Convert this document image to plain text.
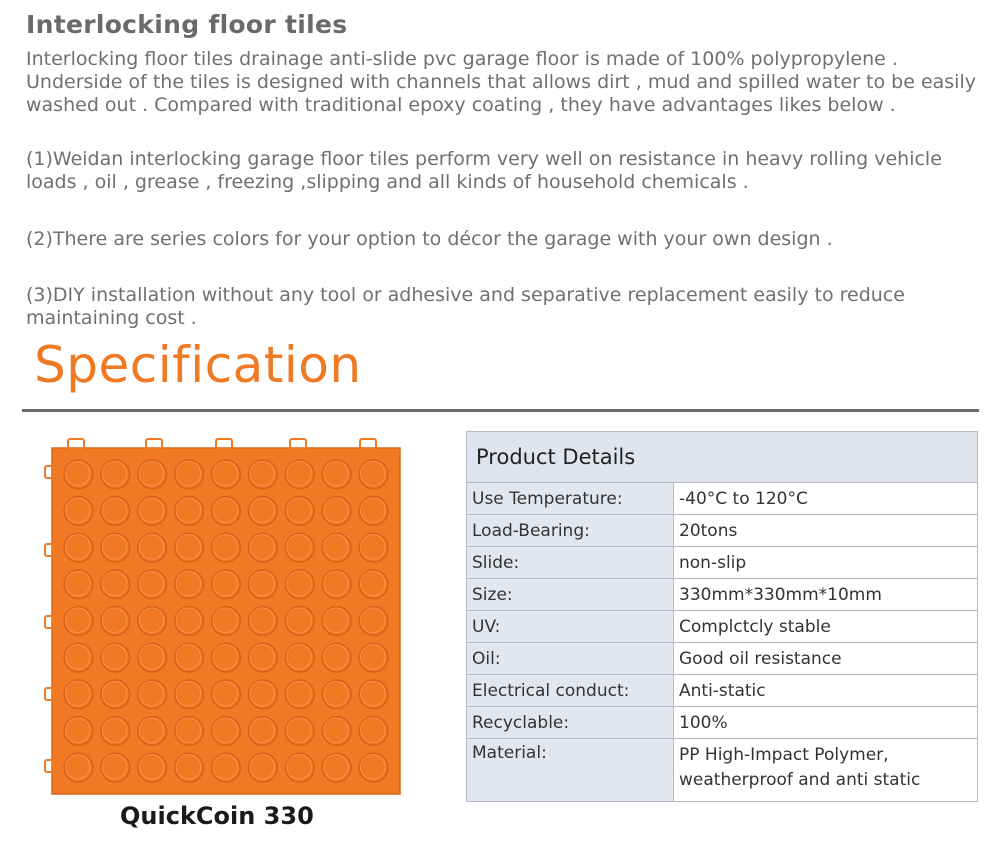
Interlocking floor tiles

Interlocking floor tiles drainage anti-slide pvc garage floor is made of 100% polypropylene .
Underside of the tiles is designed with channels that allows dirt , mud and spilled water to be easily
washed out . Compared with traditional epoxy coating , they have advantages likes below .

(1)Weidan interlocking garage floor tiles perform very well on resistance in heavy rolling vehicle
loads , oil , grease , freezing ,slipping and all kinds of household chemicals .

(2)There are series colors for your option to décor the garage with your own design .

(3)DIY installation without any tool or adhesive and separative replacement easily to reduce
maintaining cost .

Specification

QuickCoin 330

Product Details	
Use Temperature:	-40°C to 120°C
Load-Bearing:	20tons
Slide:	non-slip
Size:	330mm*330mm*10mm
UV:	Complctcly stable
Oil:	Good oil resistance
Electrical conduct:	Anti-static
Recyclable:	100%
Material:	PP High-Impact Polymer,
weatherproof and anti static
